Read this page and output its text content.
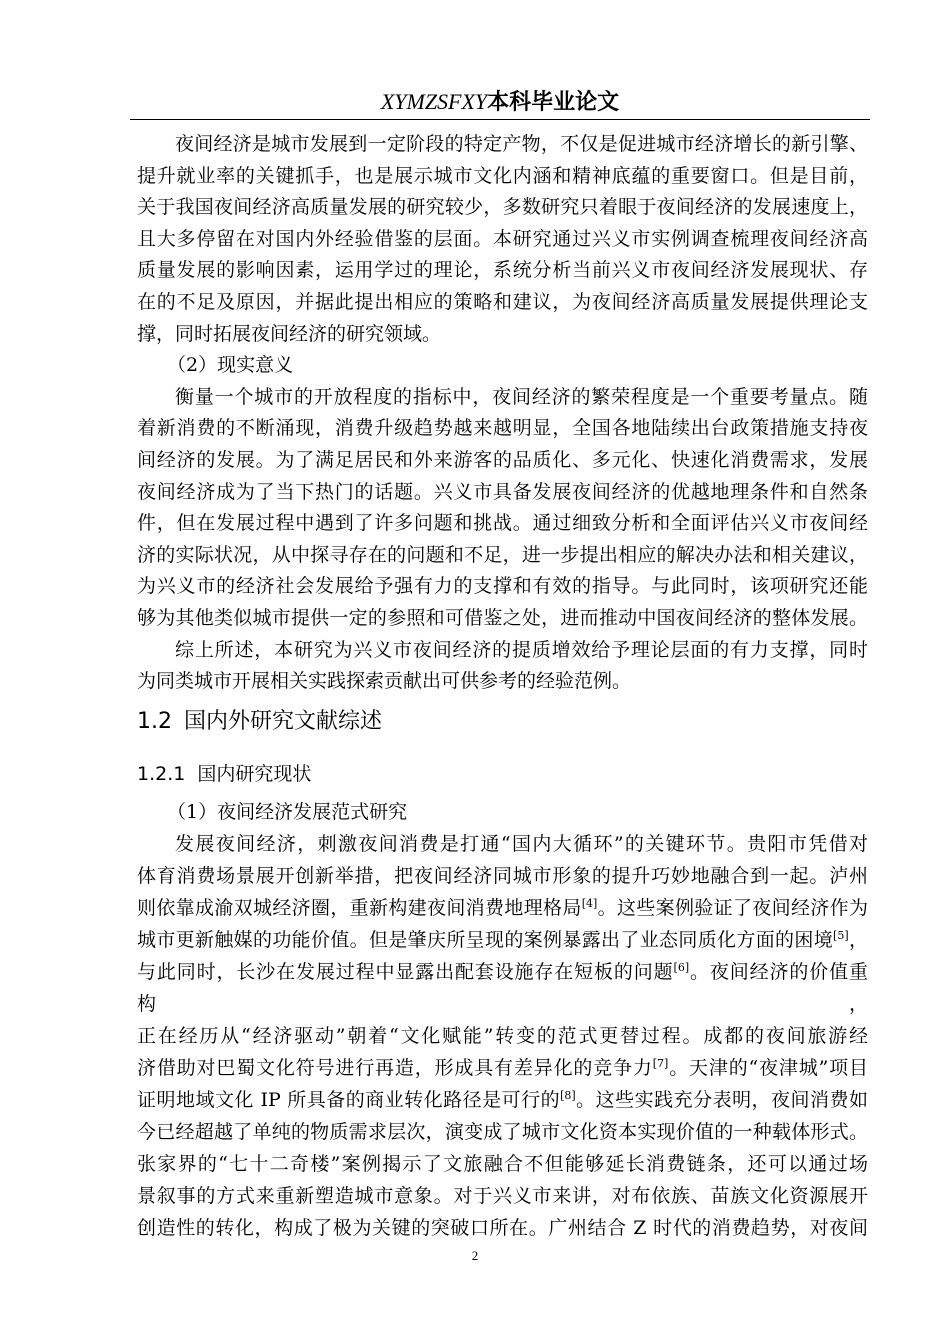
XYMZSFXY本科毕业论文
夜间经济是城市发展到一定阶段的特定产物，不仅是促进城市经济增长的新引擎、
提升就业率的关键抓手，也是展示城市文化内涵和精神底蕴的重要窗口。但是目前，
关于我国夜间经济高质量发展的研究较少，多数研究只着眼于夜间经济的发展速度上，
且大多停留在对国内外经验借鉴的层面。本研究通过兴义市实例调查梳理夜间经济高
质量发展的影响因素，运用学过的理论，系统分析当前兴义市夜间经济发展现状、存
在的不足及原因，并据此提出相应的策略和建议，为夜间经济高质量发展提供理论支
撑，同时拓展夜间经济的研究领域。
（2）现实意义
衡量一个城市的开放程度的指标中，夜间经济的繁荣程度是一个重要考量点。随
着新消费的不断涌现，消费升级趋势越来越明显，全国各地陆续出台政策措施支持夜
间经济的发展。为了满足居民和外来游客的品质化、多元化、快速化消费需求，发展
夜间经济成为了当下热门的话题。兴义市具备发展夜间经济的优越地理条件和自然条
件，但在发展过程中遇到了许多问题和挑战。通过细致分析和全面评估兴义市夜间经
济的实际状况，从中探寻存在的问题和不足，进一步提出相应的解决办法和相关建议，
为兴义市的经济社会发展给予强有力的支撑和有效的指导。与此同时，该项研究还能
够为其他类似城市提供一定的参照和可借鉴之处，进而推动中国夜间经济的整体发展。
综上所述，本研究为兴义市夜间经济的提质增效给予理论层面的有力支撑，同时
为同类城市开展相关实践探索贡献出可供参考的经验范例。
1.2 国内外研究文献综述
1.2.1 国内研究现状
（1）夜间经济发展范式研究
发展夜间经济，刺激夜间消费是打通“国内大循环”的关键环节。贵阳市凭借对
体育消费场景展开创新举措，把夜间经济同城市形象的提升巧妙地融合到一起。泸州
则依靠成渝双城经济圈，重新构建夜间消费地理格局[4]。这些案例验证了夜间经济作为
城市更新触媒的功能价值。但是肇庆所呈现的案例暴露出了业态同质化方面的困境[5]，
与此同时，长沙在发展过程中显露出配套设施存在短板的问题[6]。夜间经济的价值重构，
正在经历从“经济驱动”朝着“文化赋能”转变的范式更替过程。成都的夜间旅游经
济借助对巴蜀文化符号进行再造，形成具有差异化的竞争力[7]。天津的“夜津城”项目
证明地域文化 IP 所具备的商业转化路径是可行的[8]。这些实践充分表明，夜间消费如
今已经超越了单纯的物质需求层次，演变成了城市文化资本实现价值的一种载体形式。
张家界的“七十二奇楼”案例揭示了文旅融合不但能够延长消费链条，还可以通过场
景叙事的方式来重新塑造城市意象。对于兴义市来讲，对布依族、苗族文化资源展开
创造性的转化，构成了极为关键的突破口所在。广州结合 Z 时代的消费趋势，对夜间
2
